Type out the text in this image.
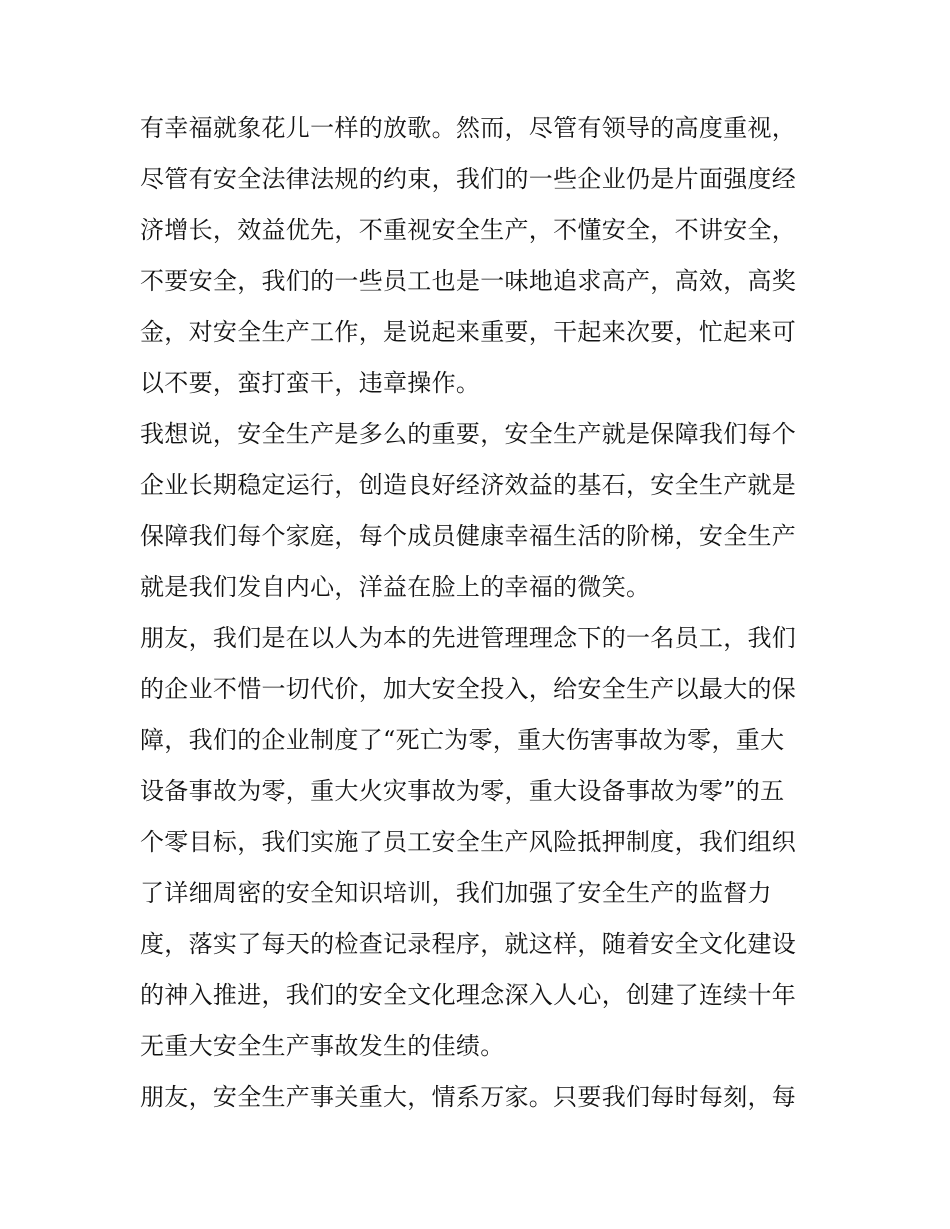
有幸福就象花儿一样的放歌。然而，尽管有领导的高度重视，
尽管有安全法律法规的约束，我们的一些企业仍是片面强度经
济增长，效益优先，不重视安全生产，不懂安全，不讲安全，
不要安全，我们的一些员工也是一味地追求高产，高效，高奖
金，对安全生产工作，是说起来重要，干起来次要，忙起来可
以不要，蛮打蛮干，违章操作。
我想说，安全生产是多么的重要，安全生产就是保障我们每个
企业长期稳定运行，创造良好经济效益的基石，安全生产就是
保障我们每个家庭，每个成员健康幸福生活的阶梯，安全生产
就是我们发自内心，洋益在脸上的幸福的微笑。
朋友，我们是在以人为本的先进管理理念下的一名员工，我们
的企业不惜一切代价，加大安全投入，给安全生产以最大的保
障，我们的企业制度了“死亡为零，重大伤害事故为零，重大
设备事故为零，重大火灾事故为零，重大设备事故为零”的五
个零目标，我们实施了员工安全生产风险抵押制度，我们组织
了详细周密的安全知识培训，我们加强了安全生产的监督力
度，落实了每天的检查记录程序，就这样，随着安全文化建设
的神入推进，我们的安全文化理念深入人心，创建了连续十年
无重大安全生产事故发生的佳绩。
朋友，安全生产事关重大，情系万家。只要我们每时每刻，每
